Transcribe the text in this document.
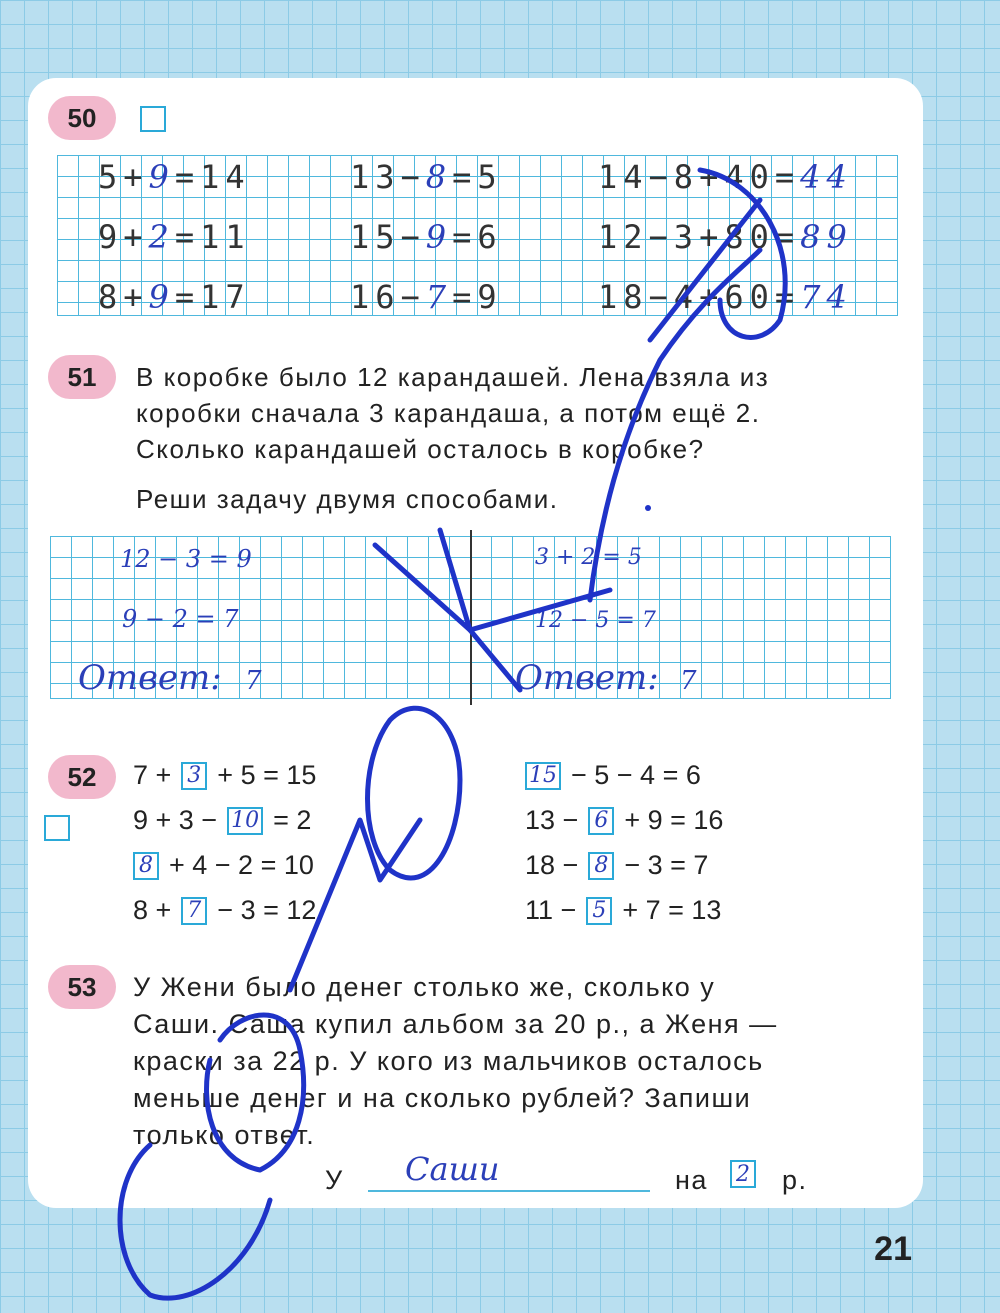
50
5+9=14	13−8=5	14−8+40=44
9+2=11	15−9=6	12−3+80=89
8+9=17	16−7=9	18−4+60=74
51	В коробке было 12 карандашей. Лена взяла из
коробки сначала 3 карандаша, а потом ещё 2.
Сколько карандашей осталось в коробке?
Реши задачу двумя способами.
12 − 3 = 9
9 − 2 = 7
Ответ: 7
3 + 2 = 5
12 − 5 = 7
Ответ: 7
52	7 + 3 + 5 = 15
9 + 3 − 10 = 2
8 + 4 − 2 = 10
8 + 7 − 3 = 12
15 − 5 − 4 = 6
13 − 6 + 9 = 16
18 − 8 − 3 = 7
11 − 5 + 7 = 13
53	У Жени было денег столько же, сколько у
Саши. Саша купил альбом за 20 р., а Женя —
краски за 22 р. У кого из мальчиков осталось
меньше денег и на сколько рублей? Запиши
только ответ.
У Саши	на 2 р.
21
